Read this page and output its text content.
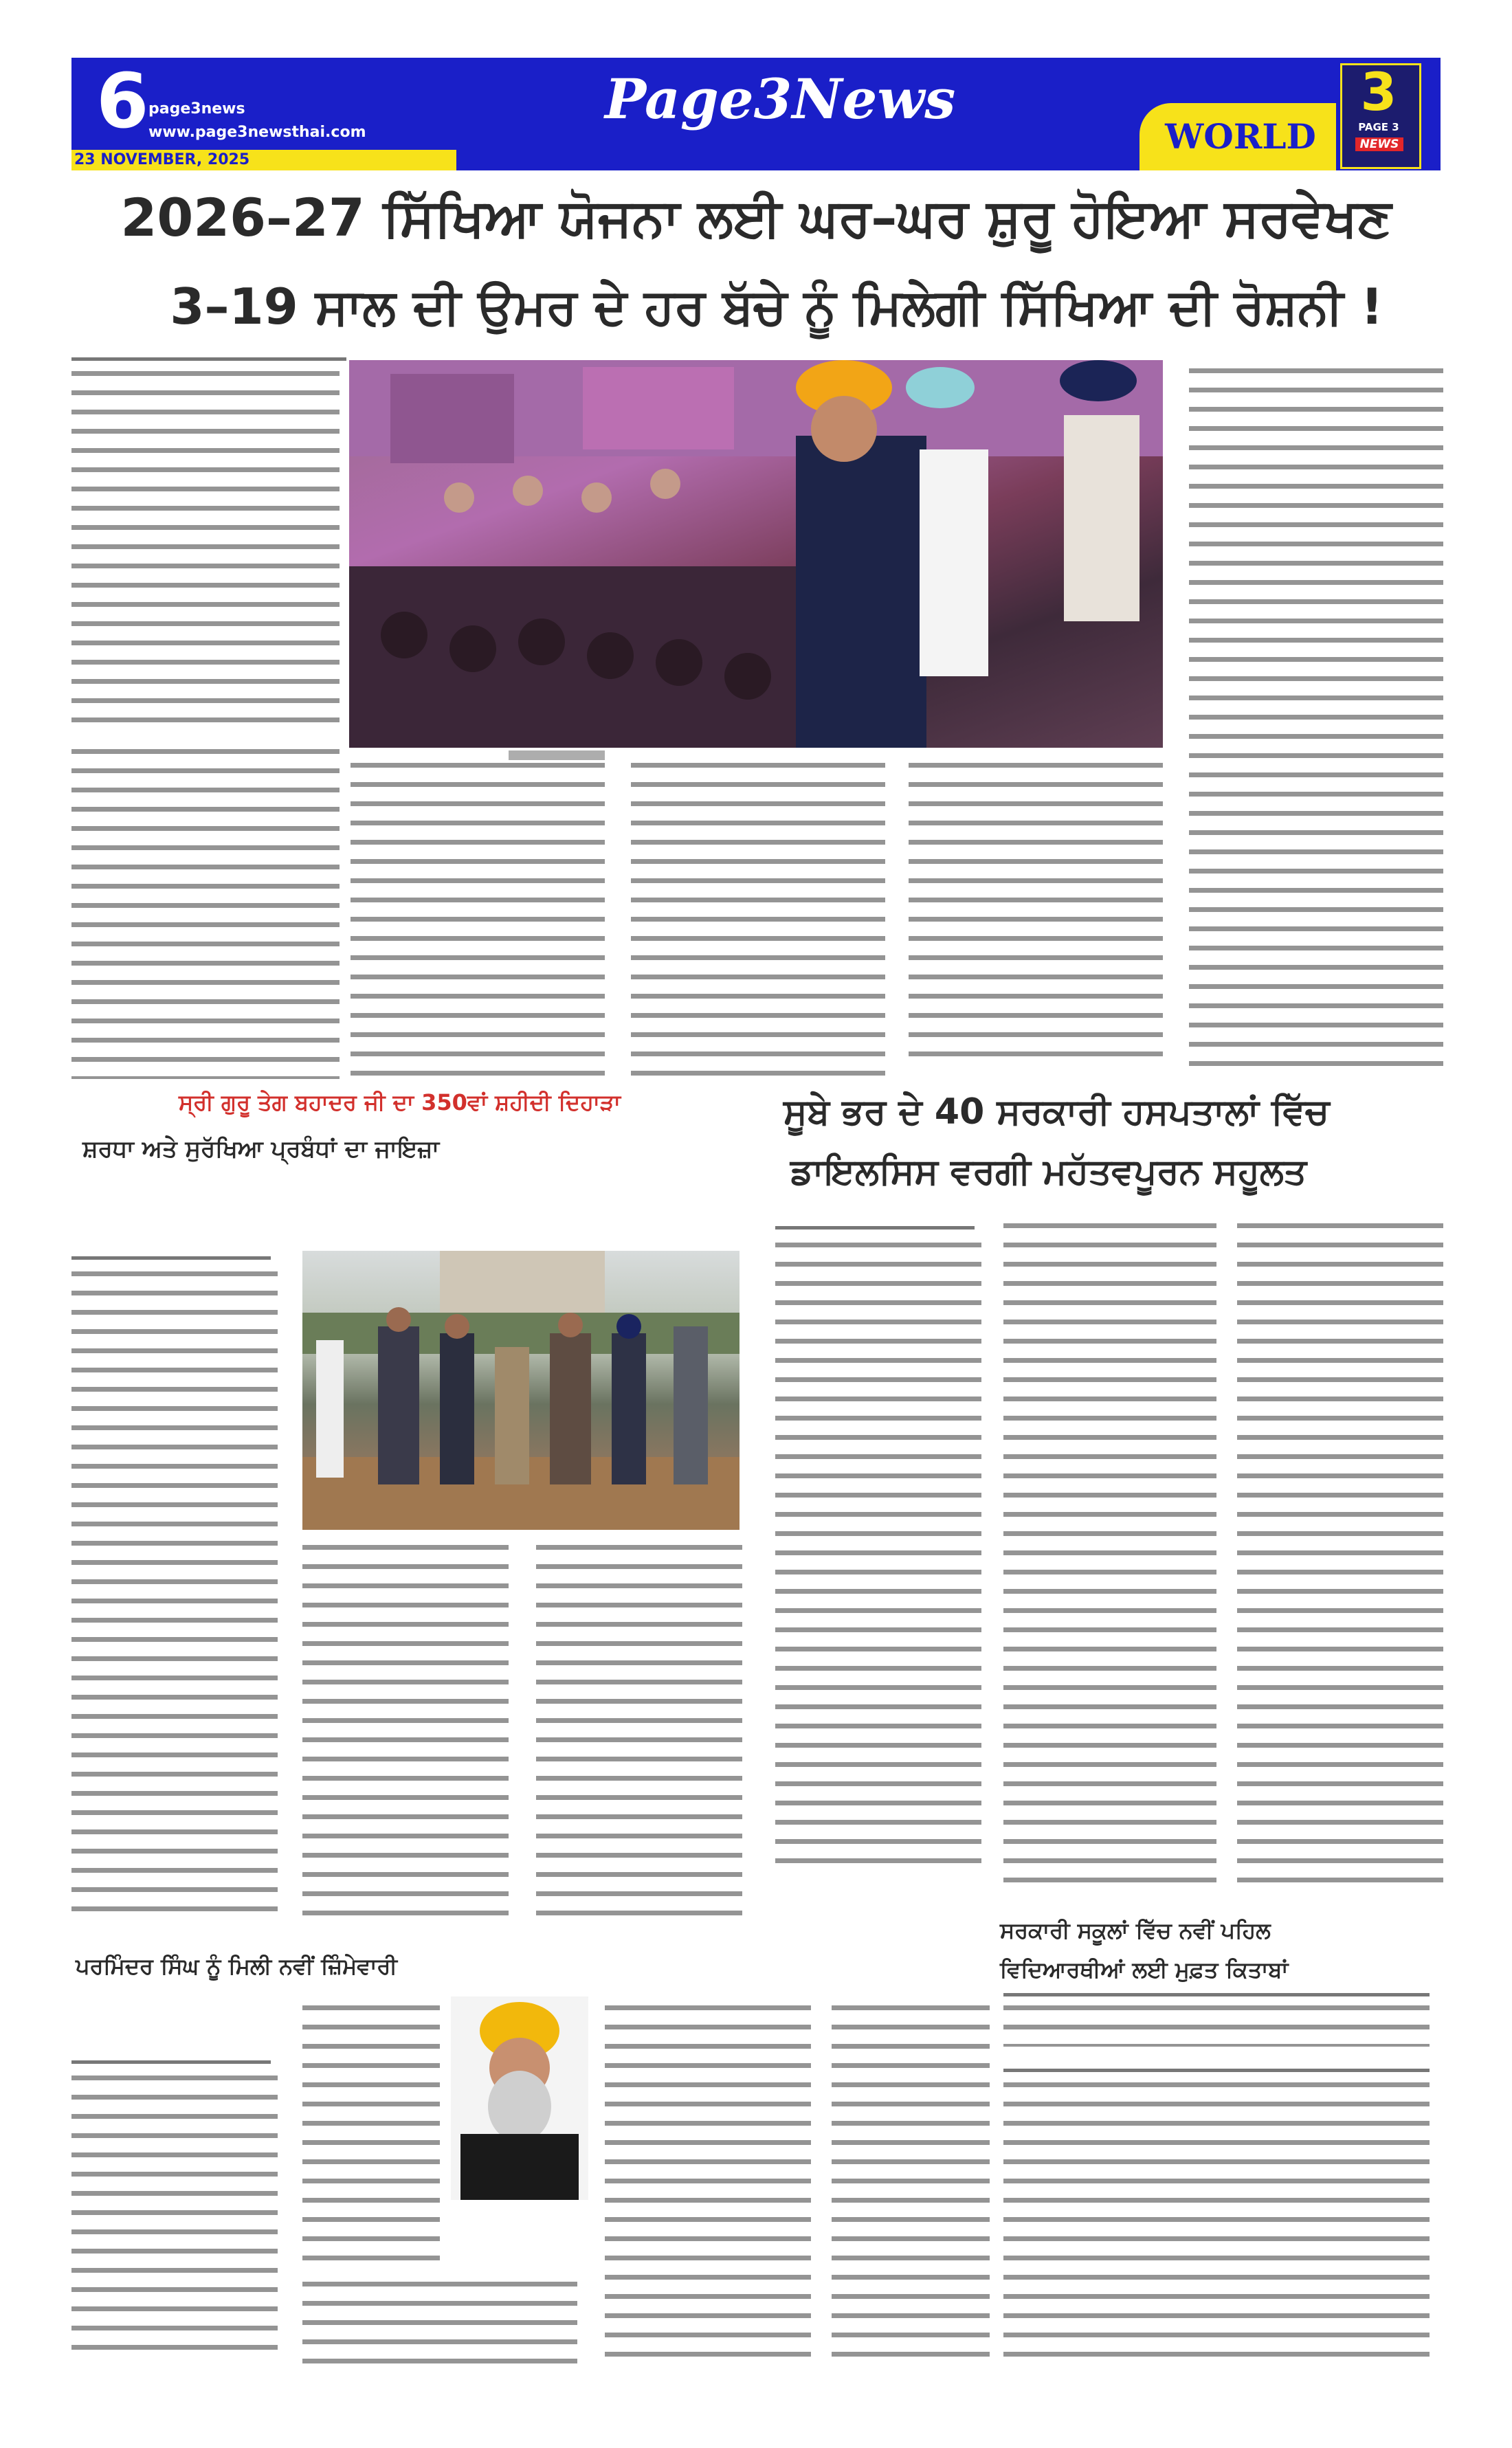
6 page3news
www.page3newsthai.com
23 NOVEMBER, 2025
Page3News
WORLD
3
PAGE 3
NEWS
2026–27 ਸਿੱਖਿਆ ਯੋਜਨਾ ਲਈ ਘਰ–ਘਰ ਸ਼ੁਰੂ ਹੋਇਆ ਸਰਵੇਖਣ
3–19 ਸਾਲ ਦੀ ਉਮਰ ਦੇ ਹਰ ਬੱਚੇ ਨੂੰ ਮਿਲੇਗੀ ਸਿੱਖਿਆ ਦੀ ਰੋਸ਼ਨੀ !
ਸ੍ਰੀ ਗੁਰੂ ਤੇਗ ਬਹਾਦਰ ਜੀ ਦਾ 350ਵਾਂ ਸ਼ਹੀਦੀ ਦਿਹਾੜਾ
ਸ਼ਰਧਾ ਅਤੇ ਸੁਰੱਖਿਆ ਪ੍ਰਬੰਧਾਂ ਦਾ ਜਾਇਜ਼ਾ
ਸੂਬੇ ਭਰ ਦੇ 40 ਸਰਕਾਰੀ ਹਸਪਤਾਲਾਂ ਵਿੱਚ
ਡਾਇਲਸਿਸ ਵਰਗੀ ਮਹੱਤਵਪੂਰਨ ਸਹੂਲਤ
ਪਰਮਿੰਦਰ ਸਿੰਘ ਨੂੰ ਮਿਲੀ ਨਵੀਂ ਜ਼ਿੰਮੇਵਾਰੀ
ਸਰਕਾਰੀ ਸਕੂਲਾਂ ਵਿੱਚ ਨਵੀਂ ਪਹਿਲ
ਵਿਦਿਆਰਥੀਆਂ ਲਈ ਮੁਫ਼ਤ ਕਿਤਾਬਾਂ
